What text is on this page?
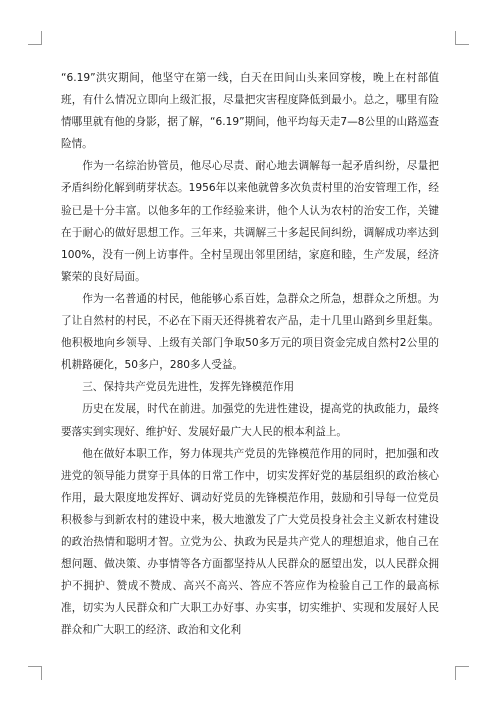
“6.19”洪灾期间，他坚守在第一线，白天在田间山头来回穿梭，晚上在村部值班，有什么情况立即向上级汇报，尽量把灾害程度降低到最小。总之，哪里有险情哪里就有他的身影，据了解，“6.19”期间，他平均每天走7—8公里的山路巡查险情。

作为一名综治协管员，他尽心尽责、耐心地去调解每一起矛盾纠纷，尽量把矛盾纠纷化解到萌芽状态。1956年以来他就曾多次负责村里的治安管理工作，经验已是十分丰富。以他多年的工作经验来讲，他个人认为农村的治安工作，关键在于耐心的做好思想工作。三年来，共调解三十多起民间纠纷，调解成功率达到100%，没有一例上访事件。全村呈现出邻里团结，家庭和睦，生产发展，经济繁荣的良好局面。

作为一名普通的村民，他能够心系百姓，急群众之所急，想群众之所想。为了让自然村的村民，不必在下雨天还得挑着农产品，走十几里山路到乡里赶集。他积极地向乡领导、上级有关部门争取50多万元的项目资金完成自然村2公里的机耕路硬化，50多户，280多人受益。

三、保持共产党员先进性，发挥先锋模范作用

历史在发展，时代在前进。加强党的先进性建设，提高党的执政能力，最终要落实到实现好、维护好、发展好最广大人民的根本利益上。

他在做好本职工作，努力体现共产党员的先锋模范作用的同时，把加强和改进党的领导能力贯穿于具体的日常工作中，切实发挥好党的基层组织的政治核心作用，最大限度地发挥好、调动好党员的先锋模范作用，鼓励和引导每一位党员积极参与到新农村的建设中来，极大地激发了广大党员投身社会主义新农村建设的政治热情和聪明才智。立党为公、执政为民是共产党人的理想追求，他自己在想问题、做决策、办事情等各方面都坚持从人民群众的愿望出发，以人民群众拥护不拥护、赞成不赞成、高兴不高兴、答应不答应作为检验自己工作的最高标准，切实为人民群众和广大职工办好事、办实事，切实维护、实现和发展好人民群众和广大职工的经济、政治和文化利
